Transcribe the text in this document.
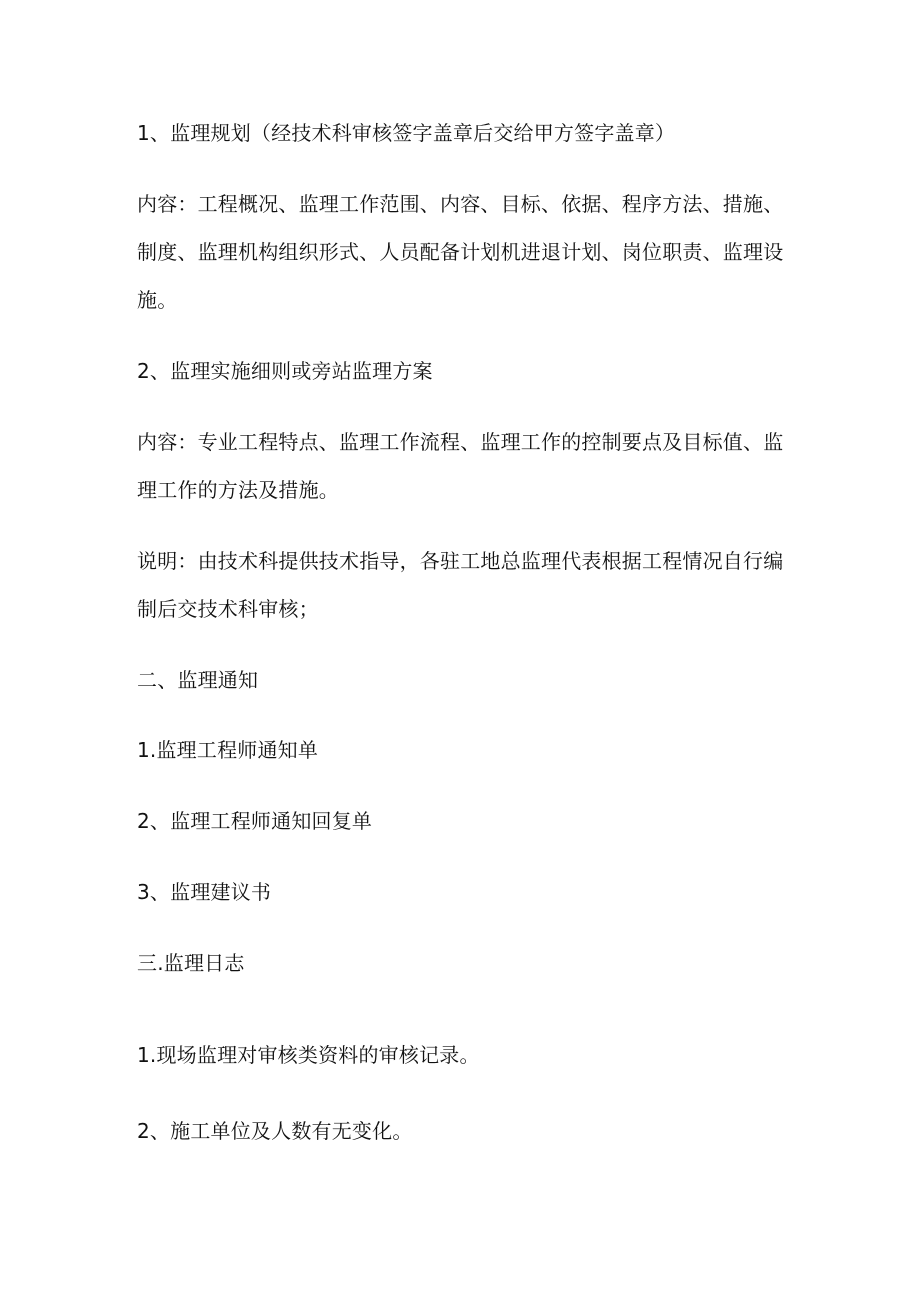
1、监理规划（经技术科审核签字盖章后交给甲方签字盖章）
内容：工程概况、监理工作范围、内容、目标、依据、程序方法、措施、
制度、监理机构组织形式、人员配备计划机进退计划、岗位职责、监理设
施。
2、监理实施细则或旁站监理方案
内容：专业工程特点、监理工作流程、监理工作的控制要点及目标值、监
理工作的方法及措施。
说明：由技术科提供技术指导，各驻工地总监理代表根据工程情况自行编
制后交技术科审核；
二、监理通知
1.监理工程师通知单
2、监理工程师通知回复单
3、监理建议书
三.监理日志
1.现场监理对审核类资料的审核记录。
2、施工单位及人数有无变化。
